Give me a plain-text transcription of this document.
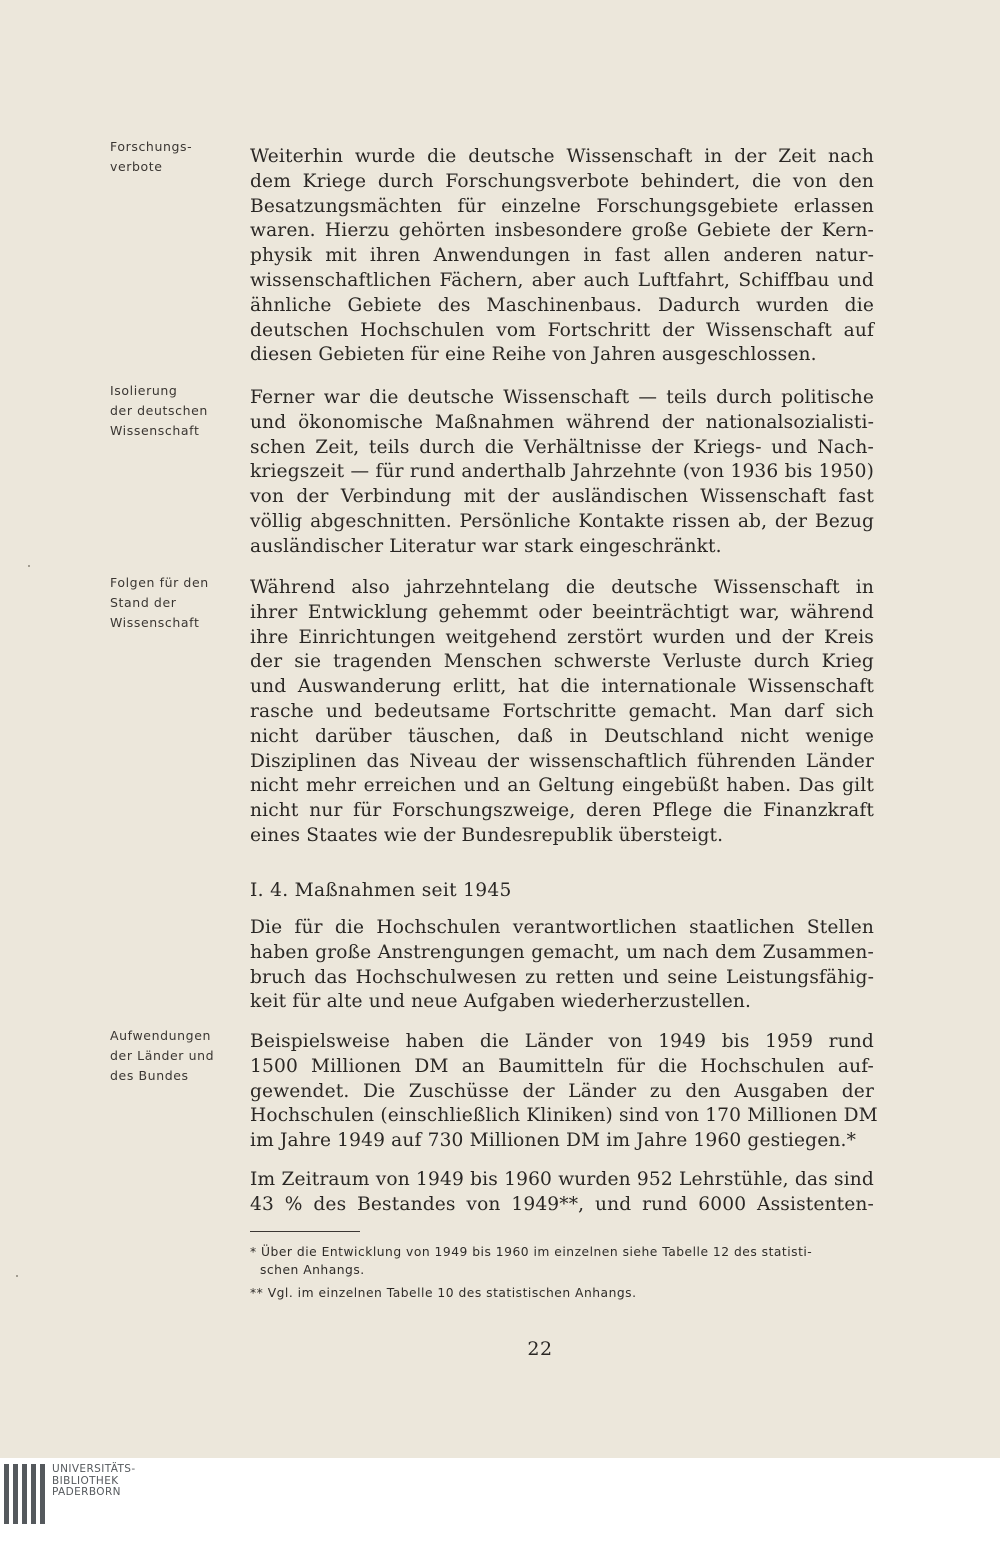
Forschungs-
verbote
Isolierung
der deutschen
Wissenschaft
Folgen für den
Stand der
Wissenschaft
Aufwendungen
der Länder und
des Bundes
Weiterhin wurde die deutsche Wissenschaft in der Zeit nach
dem Kriege durch Forschungsverbote behindert, die von den
Besatzungsmächten für einzelne Forschungsgebiete erlassen
waren. Hierzu gehörten insbesondere große Gebiete der Kern-
physik mit ihren Anwendungen in fast allen anderen natur-
wissenschaftlichen Fächern, aber auch Luftfahrt, Schiffbau und
ähnliche Gebiete des Maschinenbaus. Dadurch wurden die
deutschen Hochschulen vom Fortschritt der Wissenschaft auf
diesen Gebieten für eine Reihe von Jahren ausgeschlossen.
Ferner war die deutsche Wissenschaft — teils durch politische
und ökonomische Maßnahmen während der nationalsozialisti-
schen Zeit, teils durch die Verhältnisse der Kriegs- und Nach-
kriegszeit — für rund anderthalb Jahrzehnte (von 1936 bis 1950)
von der Verbindung mit der ausländischen Wissenschaft fast
völlig abgeschnitten. Persönliche Kontakte rissen ab, der Bezug
ausländischer Literatur war stark eingeschränkt.
Während also jahrzehntelang die deutsche Wissenschaft in
ihrer Entwicklung gehemmt oder beeinträchtigt war, während
ihre Einrichtungen weitgehend zerstört wurden und der Kreis
der sie tragenden Menschen schwerste Verluste durch Krieg
und Auswanderung erlitt, hat die internationale Wissenschaft
rasche und bedeutsame Fortschritte gemacht. Man darf sich
nicht darüber täuschen, daß in Deutschland nicht wenige
Disziplinen das Niveau der wissenschaftlich führenden Länder
nicht mehr erreichen und an Geltung eingebüßt haben. Das gilt
nicht nur für Forschungszweige, deren Pflege die Finanzkraft
eines Staates wie der Bundesrepublik übersteigt.
I. 4. Maßnahmen seit 1945
Die für die Hochschulen verantwortlichen staatlichen Stellen
haben große Anstrengungen gemacht, um nach dem Zusammen-
bruch das Hochschulwesen zu retten und seine Leistungsfähig-
keit für alte und neue Aufgaben wiederherzustellen.
Beispielsweise haben die Länder von 1949 bis 1959 rund
1500 Millionen DM an Baumitteln für die Hochschulen auf-
gewendet. Die Zuschüsse der Länder zu den Ausgaben der
Hochschulen (einschließlich Kliniken) sind von 170 Millionen DM
im Jahre 1949 auf 730 Millionen DM im Jahre 1960 gestiegen.*
Im Zeitraum von 1949 bis 1960 wurden 952 Lehrstühle, das sind
43 % des Bestandes von 1949**, und rund 6000 Assistenten-
* Über die Entwicklung von 1949 bis 1960 im einzelnen siehe Tabelle 12 des statisti-
schen Anhangs.
** Vgl. im einzelnen Tabelle 10 des statistischen Anhangs.
22
UNIVERSITÄTS-
BIBLIOTHEK
PADERBORN
